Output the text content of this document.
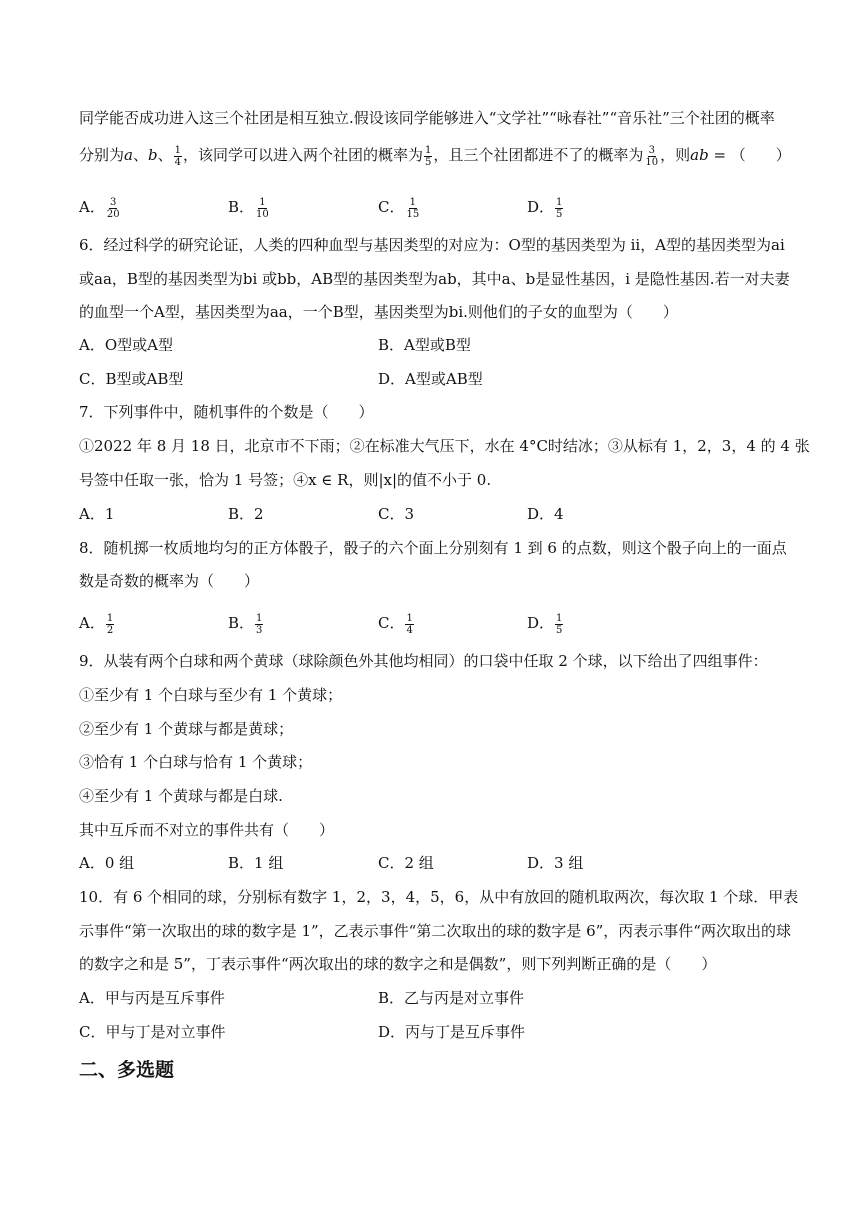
同学能否成功进入这三个社团是相互独立.假设该同学能够进入“文学社”“咏春社”“音乐社”三个社团的概率
分别为a、b、 $\frac{1}{4}$ ，该同学可以进入两个社团的概率为 $\frac{1}{5}$ ，且三个社团都进不了的概率为 $\frac{3}{10}$ ，则ab = （　　）
A． $\frac{3}{20}$	B． $\frac{1}{10}$	C． $\frac{1}{15}$	D． $\frac{1}{5}$
6．经过科学的研究论证，人类的四种血型与基因类型的对应为：O型的基因类型为 ii，A型的基因类型为ai
或aa，B型的基因类型为bi 或bb，AB型的基因类型为ab，其中a、b是显性基因，i 是隐性基因.若一对夫妻
的血型一个A型，基因类型为aa，一个B型，基因类型为bi.则他们的子女的血型为（　　）
A．O型或A型	B．A型或B型
C．B型或AB型	D．A型或AB型
7．下列事件中，随机事件的个数是（　　）
①2022 年 8 月 18 日，北京市不下雨；②在标准大气压下，水在 4°C时结冰；③从标有 1，2，3，4 的 4 张
号签中任取一张，恰为 1 号签；④x ∈ R，则|x|的值不小于 0.
A．1	B．2	C．3	D．4
8．随机掷一枚质地均匀的正方体骰子，骰子的六个面上分别刻有 1 到 6 的点数，则这个骰子向上的一面点
数是奇数的概率为（　　）
A． $\frac{1}{2}$	B． $\frac{1}{3}$	C． $\frac{1}{4}$	D． $\frac{1}{5}$
9．从装有两个白球和两个黄球（球除颜色外其他均相同）的口袋中任取 2 个球，以下给出了四组事件：
①至少有 1 个白球与至少有 1 个黄球；
②至少有 1 个黄球与都是黄球；
③恰有 1 个白球与恰有 1 个黄球；
④至少有 1 个黄球与都是白球.
其中互斥而不对立的事件共有（　　）
A．0 组	B．1 组	C．2 组	D．3 组
10．有 6 个相同的球，分别标有数字 1，2，3，4，5，6，从中有放回的随机取两次，每次取 1 个球．甲表
示事件“第一次取出的球的数字是 1”，乙表示事件“第二次取出的球的数字是 6”，丙表示事件“两次取出的球
的数字之和是 5”，丁表示事件“两次取出的球的数字之和是偶数”，则下列判断正确的是（　　）
A．甲与丙是互斥事件	B．乙与丙是对立事件
C．甲与丁是对立事件	D．丙与丁是互斥事件
二、多选题
